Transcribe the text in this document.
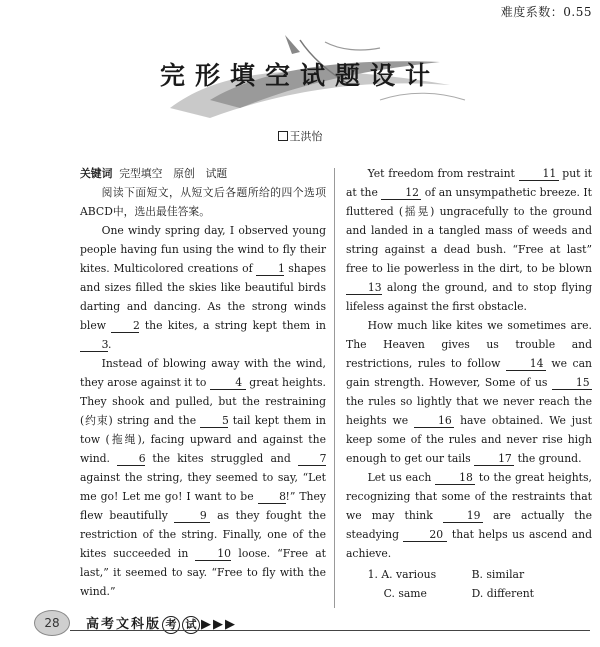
难度系数：0.55
完形填空试题设计
王洪怡

关键词 完型填空　原创　试题

阅读下面短文，从短文后各题所给的四个选项ABCD中，选出最佳答案。

One windy spring day, I observed young people having fun using the wind to fly their kites. Multicolored creations of 1 shapes and sizes filled the skies like beautiful birds darting and dancing. As the strong winds blew 2 the kites, a string kept them in 3.

Instead of blowing away with the wind, they arose against it to 4 great heights. They shook and pulled, but the restraining (约束) string and the 5 tail kept them in tow (拖绳), facing upward and against the wind. 6 the kites struggled and 7 against the string, they seemed to say, “Let me go! Let me go! I want to be 8!” They flew beautifully 9 as they fought the restriction of the string. Finally, one of the kites succeeded in 10 loose. “Free at last,” it seemed to say. “Free to fly with the wind.”

Yet freedom from restraint 11 put it at the 12 of an unsympathetic breeze. It fluttered (摇晃) ungracefully to the ground and landed in a tangled mass of weeds and string against a dead bush. “Free at last” free to lie powerless in the dirt, to be blown 13 along the ground, and to stop flying lifeless against the first obstacle.

How much like kites we sometimes are. The Heaven gives us trouble and restrictions, rules to follow 14 we can gain strength. However, Some of us 15 the rules so lightly that we never reach the heights we 16 have obtained. We just keep some of the rules and never rise high enough to get our tails 17 the ground.

Let us each 18 to the great heights, recognizing that some of the restraints that we may think 19 are actually the steadying 20 that helps us ascend and achieve.

1. A. various	B. similar
C. same	D. different
28	高考文科版 考 试 ▶▶▶
